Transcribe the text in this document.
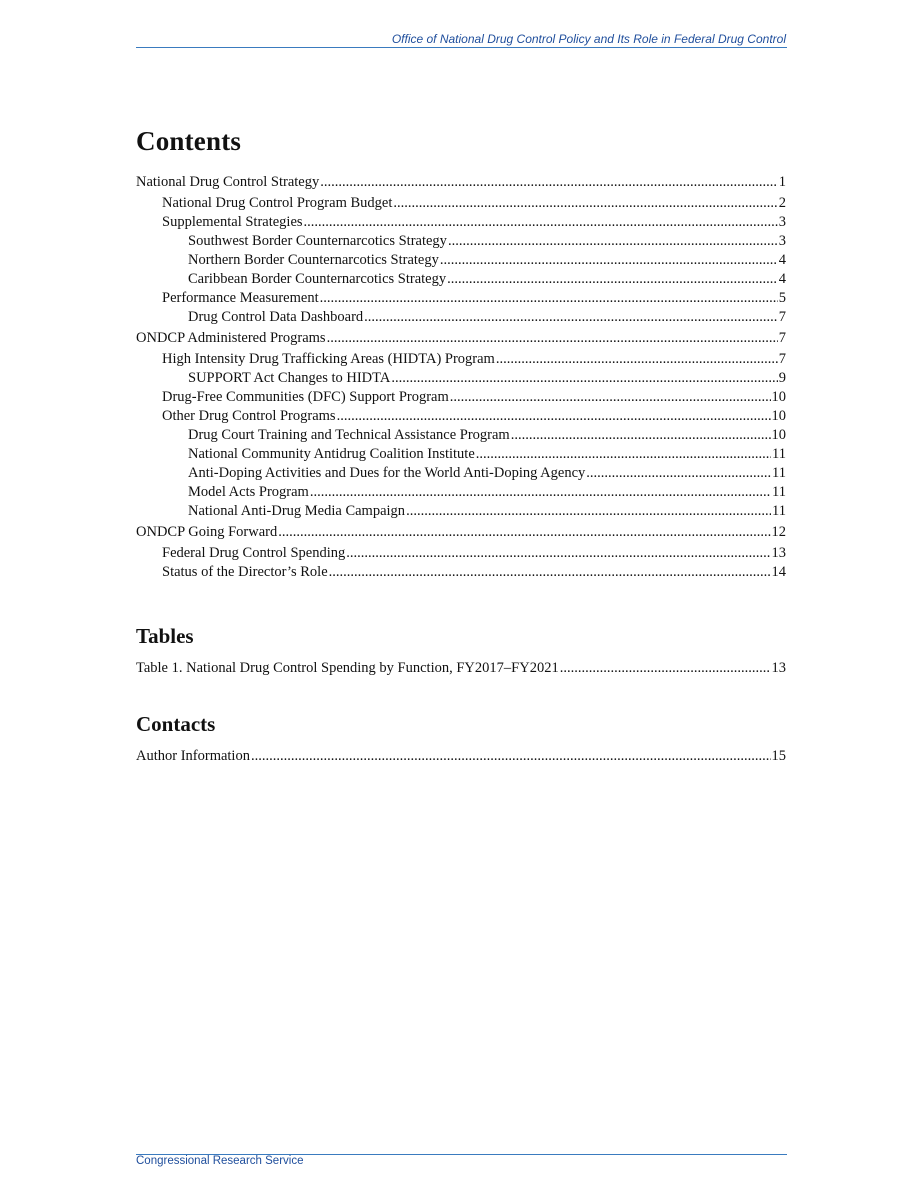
Office of National Drug Control Policy and Its Role in Federal Drug Control
Contents
National Drug Control Strategy .....	1
National Drug Control Program Budget .....	2
Supplemental Strategies .....	3
Southwest Border Counternarcotics Strategy .....	3
Northern Border Counternarcotics Strategy .....	4
Caribbean Border Counternarcotics Strategy .....	4
Performance Measurement .....	5
Drug Control Data Dashboard .....	7
ONDCP Administered Programs .....	7
High Intensity Drug Trafficking Areas (HIDTA) Program .....	7
SUPPORT Act Changes to HIDTA .....	9
Drug-Free Communities (DFC) Support Program .....	10
Other Drug Control Programs .....	10
Drug Court Training and Technical Assistance Program .....	10
National Community Antidrug Coalition Institute .....	11
Anti-Doping Activities and Dues for the World Anti-Doping Agency .....	11
Model Acts Program .....	11
National Anti-Drug Media Campaign .....	11
ONDCP Going Forward .....	12
Federal Drug Control Spending .....	13
Status of the Director’s Role .....	14
Tables
Table 1. National Drug Control Spending by Function, FY2017–FY2021 .....	13
Contacts
Author Information .....	15
Congressional Research Service
